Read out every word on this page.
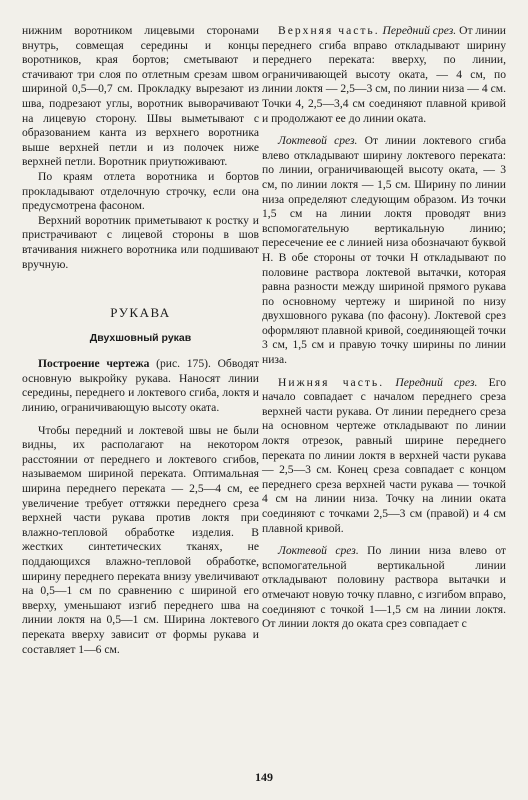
нижним воротником лицевыми сторонами внутрь, совмещая середины и концы воротников, края бортов; сметывают и стачивают три слоя по отлетным срезам швом шириной 0,5—0,7 см. Прокладку вырезают из шва, подрезают углы, воротник выворачивают на лицевую сторону. Швы выметывают с образованием канта из верхнего воротника выше верхней петли и из полочек ниже верхней петли. Воротник приутюживают.

По краям отлета воротника и бортов прокладывают отделочную строчку, если она предусмотрена фасоном.

Верхний воротник приметывают к ростку и пристрачивают с лицевой стороны в шов втачивания нижнего воротника или подшивают вручную.

РУКАВА

Двухшовный рукав

Построение чертежа (рис. 175). Обводят основную выкройку рукава. Наносят линии середины, переднего и локтевого сгиба, локтя и линию, ограничивающую высоту оката.

Чтобы передний и локтевой швы не были видны, их располагают на некотором расстоянии от переднего и локтевого сгибов, называемом шириной переката. Оптимальная ширина переднего переката — 2,5—4 см, ее увеличение требует оттяжки переднего среза верхней части рукава против локтя при влажно-тепловой обработке изделия. В жестких синтетических тканях, не поддающихся влажно-тепловой обработке, ширину переднего переката внизу увеличивают на 0,5—1 см по сравнению с шириной его вверху, уменьшают изгиб переднего шва на линии локтя на 0,5—1 см. Ширина локтевого переката вверху зависит от формы рукава и составляет 1—6 см.

Верхняя часть. Передний срез. От линии переднего сгиба вправо откладывают ширину переднего переката: вверху, по линии, ограничивающей высоту оката, — 4 см, по линии локтя — 2,5—3 см, по линии низа — 4 см. Точки 4, 2,5—3,4 см соединяют плавной кривой и продолжают ее до линии оката.

Локтевой срез. От линии локтевого сгиба влево откладывают ширину локтевого переката: по линии, ограничивающей высоту оката, — 3 см, по линии локтя — 1,5 см. Ширину по линии низа определяют следующим образом. Из точки 1,5 см на линии локтя проводят вниз вспомогательную вертикальную линию; пересечение ее с линией низа обозначают буквой Н. В обе стороны от точки Н откладывают по половине раствора локтевой вытачки, которая равна разности между шириной прямого рукава по основному чертежу и шириной по низу двухшовного рукава (по фасону). Локтевой срез оформляют плавной кривой, соединяющей точки 3 см, 1,5 см и правую точку ширины по линии низа.

Нижняя часть. Передний срез. Его начало совпадает с началом переднего среза верхней части рукава. От линии переднего среза на основном чертеже откладывают по линии локтя отрезок, равный ширине переднего переката по линии локтя в верхней части рукава — 2,5—3 см. Конец среза совпадает с концом переднего среза верхней части рукава — точкой 4 см на линии низа. Точку на линии оката соединяют с точками 2,5—3 см (правой) и 4 см плавной кривой.

Локтевой срез. По линии низа влево от вспомогательной вертикальной линии откладывают половину раствора вытачки и отмечают новую точку плавно, с изгибом вправо, соединяют с точкой 1—1,5 см на линии локтя. От линии локтя до оката срез совпадает с

149
